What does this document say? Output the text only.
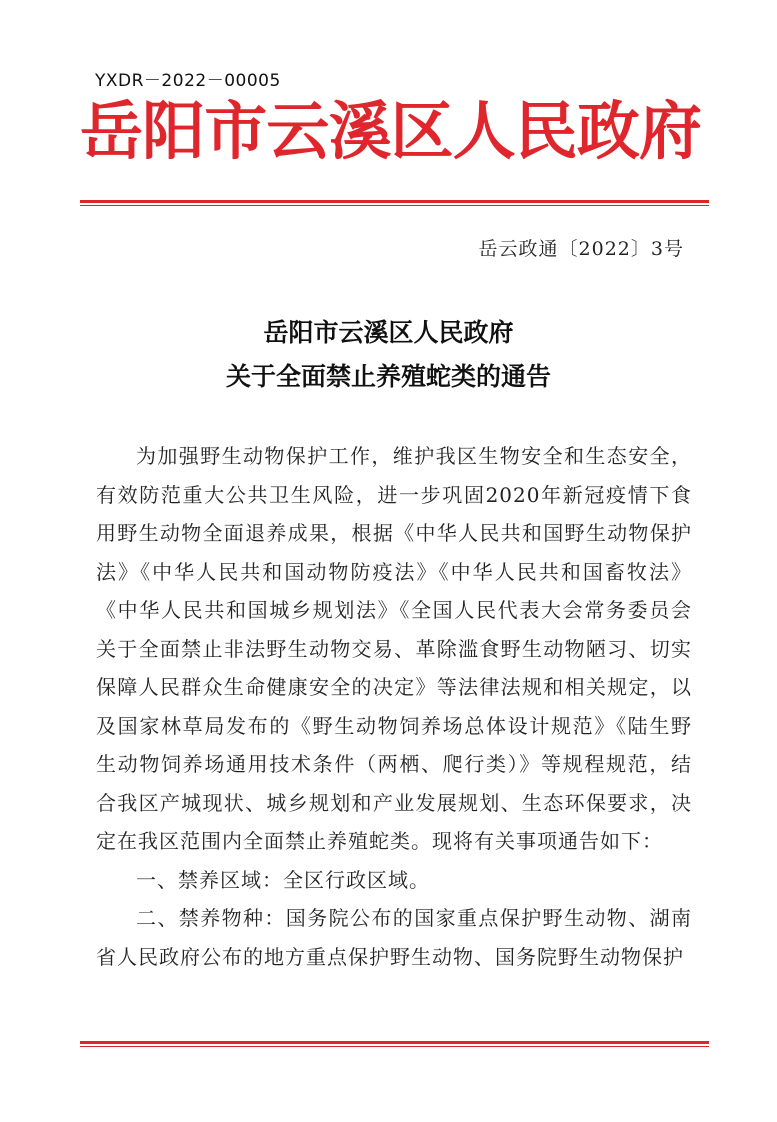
YXDR－2022－00005
岳阳市云溪区人民政府
岳云政通〔2022〕3号
岳阳市云溪区人民政府
关于全面禁止养殖蛇类的通告

为加强野生动物保护工作，维护我区生物安全和生态安全，有效防范重大公共卫生风险，进一步巩固2020年新冠疫情下食用野生动物全面退养成果，根据《中华人民共和国野生动物保护法》《中华人民共和国动物防疫法》《中华人民共和国畜牧法》《中华人民共和国城乡规划法》《全国人民代表大会常务委员会关于全面禁止非法野生动物交易、革除滥食野生动物陋习、切实保障人民群众生命健康安全的决定》等法律法规和相关规定，以及国家林草局发布的《野生动物饲养场总体设计规范》《陆生野生动物饲养场通用技术条件（两栖、爬行类）》等规程规范，结合我区产城现状、城乡规划和产业发展规划、生态环保要求，决定在我区范围内全面禁止养殖蛇类。现将有关事项通告如下：

一、禁养区域：全区行政区域。

二、禁养物种：国务院公布的国家重点保护野生动物、湖南省人民政府公布的地方重点保护野生动物、国务院野生动物保护
